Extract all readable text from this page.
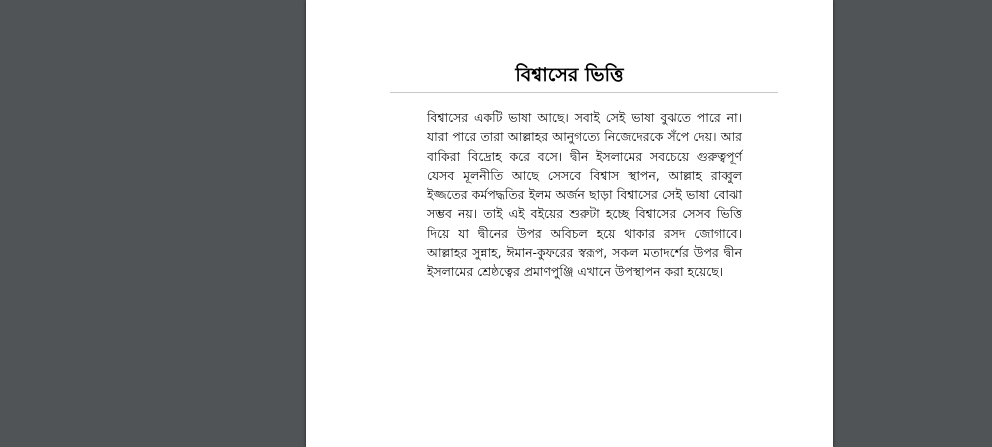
বিশ্বাসের ভিত্তি

বিশ্বাসের একটি ভাষা আছে। সবাই সেই ভাষা বুঝতে পারে না। যারা পারে তারা আল্লাহর আনুগত্যে নিজেদেরকে সঁপে দেয়। আর বাকিরা বিদ্রোহ করে বসে। দ্বীন ইসলামের সবচেয়ে গুরুত্বপূর্ণ যেসব মূলনীতি আছে সেসবে বিশ্বাস স্থাপন, আল্লাহ রাব্বুল ইজ্জতের কর্মপদ্ধতির ইলম অর্জন ছাড়া বিশ্বাসের সেই ভাষা বোঝা সম্ভব নয়। তাই এই বইয়ের শুরুটা হচ্ছে বিশ্বাসের সেসব ভিত্তি দিয়ে যা দ্বীনের উপর অবিচল হয়ে থাকার রসদ জোগাবে। আল্লাহর সুন্নাহ, ঈমান-কুফরের স্বরূপ, সকল মতাদর্শের উপর দ্বীন ইসলামের শ্রেষ্ঠত্বের প্রমাণপুঞ্জি এখানে উপস্থাপন করা হয়েছে।
